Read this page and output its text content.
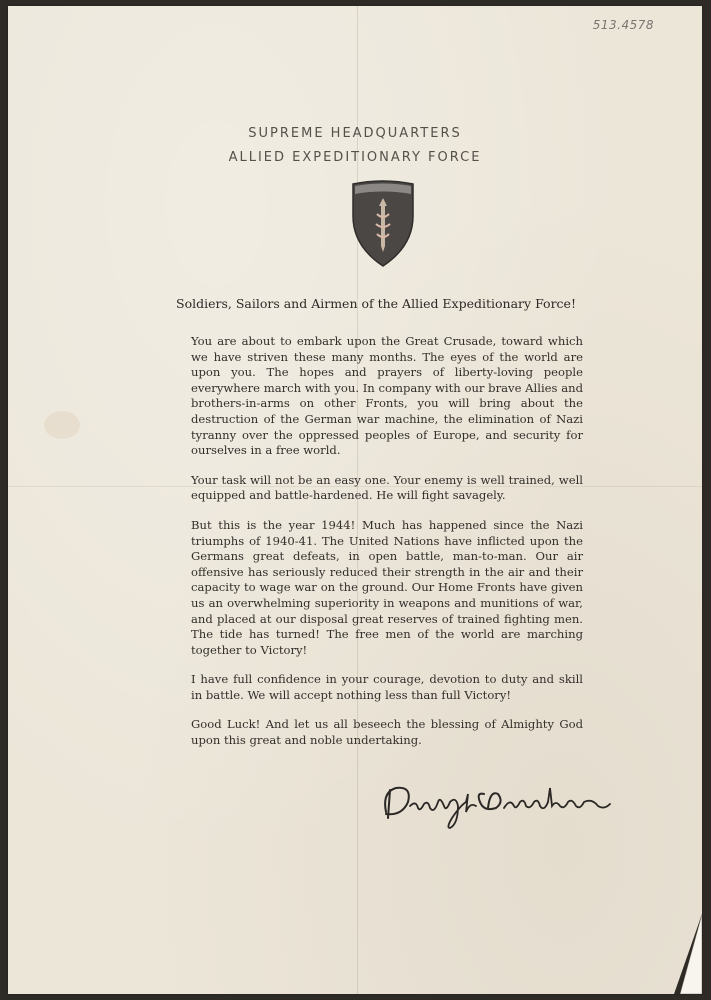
513.4578
SUPREME HEADQUARTERS
ALLIED EXPEDITIONARY FORCE
Soldiers, Sailors and Airmen of the Allied Expeditionary Force!

You are about to embark upon the Great Crusade, toward which we have striven these many months. The eyes of the world are upon you. The hopes and prayers of liberty-loving people everywhere march with you. In company with our brave Allies and brothers-in-arms on other Fronts, you will bring about the destruction of the German war machine, the elimination of Nazi tyranny over the oppressed peoples of Europe, and security for ourselves in a free world.

Your task will not be an easy one. Your enemy is well trained, well equipped and battle-hardened. He will fight savagely.

But this is the year 1944! Much has happened since the Nazi triumphs of 1940-41. The United Nations have inflicted upon the Germans great defeats, in open battle, man-to-man. Our air offensive has seriously reduced their strength in the air and their capacity to wage war on the ground. Our Home Fronts have given us an overwhelming superiority in weapons and munitions of war, and placed at our disposal great reserves of trained fighting men. The tide has turned! The free men of the world are marching together to Victory!

I have full confidence in your courage, devotion to duty and skill in battle. We will accept nothing less than full Victory!

Good Luck! And let us all beseech the blessing of Almighty God upon this great and noble undertaking.
